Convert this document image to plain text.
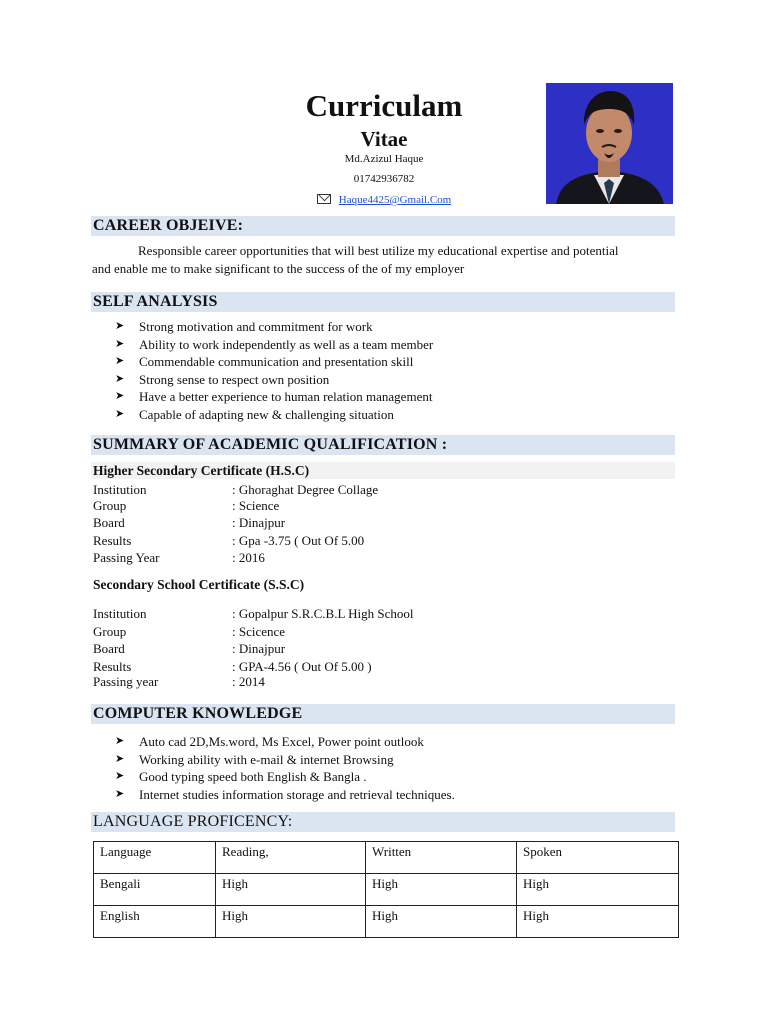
Curriculam
Vitae
Md.Azizul Haque
01742936782
Haque4425@Gmail.Com
CAREER OBJEIVE:
Responsible career opportunities that will best utilize my educational expertise and potential
and enable me to make significant to the success of the of my employer
SELF ANALYSIS
➤ Strong motivation and commitment for work
➤ Ability to work independently as well as a team member
➤ Commendable communication and presentation skill
➤ Strong sense to respect own position
➤ Have a better experience to human relation management
➤ Capable of adapting new & challenging situation
SUMMARY OF ACADEMIC QUALIFICATION :
Higher Secondary Certificate (H.S.C)
Institution	: Ghoraghat Degree Collage
Group	: Science
Board	: Dinajpur
Results	: Gpa -3.75 ( Out Of 5.00
Passing Year	: 2016
Secondary School Certificate (S.S.C)
Institution	: Gopalpur S.R.C.B.L High School
Group	: Scicence
Board	: Dinajpur
Results	: GPA-4.56 ( Out Of 5.00 )
Passing year	: 2014
COMPUTER KNOWLEDGE
➤ Auto cad 2D,Ms.word, Ms Excel, Power point outlook
➤ Working ability with e-mail & internet Browsing
➤ Good typing speed both English & Bangla .
➤ Internet studies information storage and retrieval techniques.
LANGUAGE PROFICENCY:
Language	Reading,	Written	Spoken
Bengali	High	High	High
English	High	High	High
